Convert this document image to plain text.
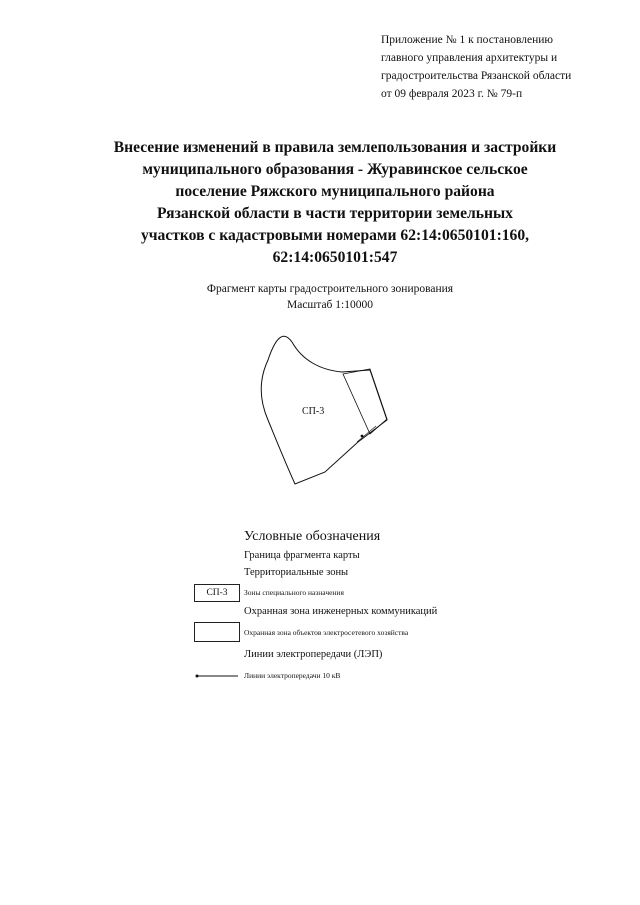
Приложение № 1 к постановлению
главного управления архитектуры и
градостроительства Рязанской области
от 09 февраля 2023 г. № 79-п
Внесение изменений в правила землепользования и застройки
муниципального образования - Журавинское сельское
поселение Ряжского муниципального района
Рязанской области в части территории земельных
участков с кадастровыми номерами 62:14:0650101:160,
62:14:0650101:547
Фрагмент карты градостроительного зонирования
Масштаб 1:10000
СП-3
Условные обозначения
Граница фрагмента карты
Территориальные зоны
СП-3	Зоны специального назначения
Охранная зона инженерных коммуникаций
Охранная зона объектов электросетевого хозяйства
Линии электропередачи (ЛЭП)
Линии электропередачи 10 кВ
